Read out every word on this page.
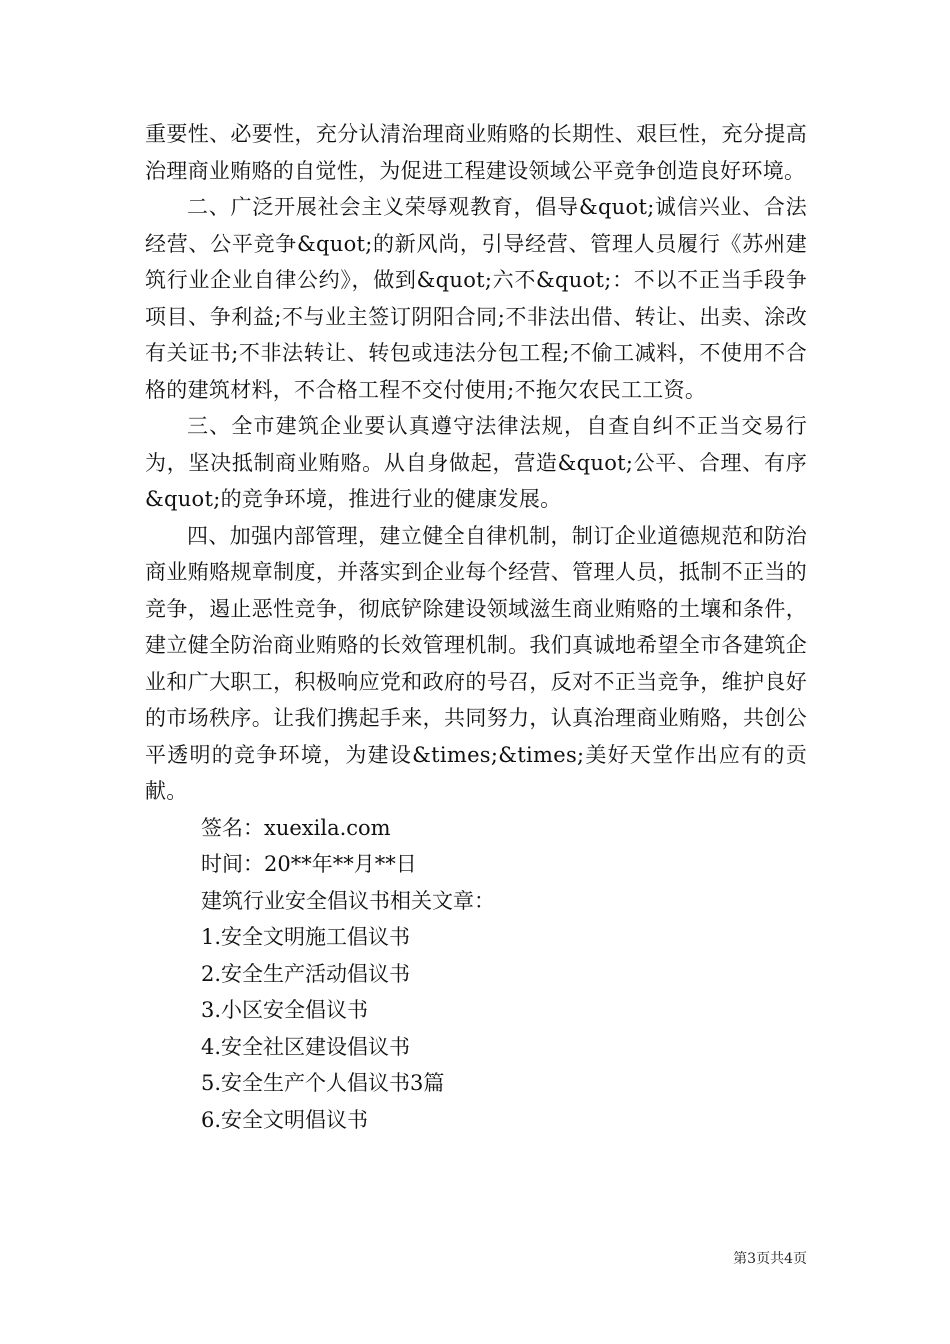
重要性、必要性，充分认清治理商业贿赂的长期性、艰巨性，充分提高治理商业贿赂的自觉性，为促进工程建设领域公平竞争创造良好环境。

二、广泛开展社会主义荣辱观教育，倡导&quot;诚信兴业、合法经营、公平竞争&quot;的新风尚，引导经营、管理人员履行《苏州建筑行业企业自律公约》，做到&quot;六不&quot;：不以不正当手段争项目、争利益;不与业主签订阴阳合同;不非法出借、转让、出卖、涂改有关证书;不非法转让、转包或违法分包工程;不偷工减料，不使用不合格的建筑材料，不合格工程不交付使用;不拖欠农民工工资。

三、全市建筑企业要认真遵守法律法规，自查自纠不正当交易行为，坚决抵制商业贿赂。从自身做起，营造&quot;公平、合理、有序&quot;的竞争环境，推进行业的健康发展。

四、加强内部管理，建立健全自律机制，制订企业道德规范和防治商业贿赂规章制度，并落实到企业每个经营、管理人员，抵制不正当的竞争，遏止恶性竞争，彻底铲除建设领域滋生商业贿赂的土壤和条件，建立健全防治商业贿赂的长效管理机制。我们真诚地希望全市各建筑企业和广大职工，积极响应党和政府的号召，反对不正当竞争，维护良好的市场秩序。让我们携起手来，共同努力，认真治理商业贿赂，共创公平透明的竞争环境，为建设&times;&times;美好天堂作出应有的贡献。

签名：xuexila.com

时间：20**年**月**日

建筑行业安全倡议书相关文章：

1.安全文明施工倡议书

2.安全生产活动倡议书

3.小区安全倡议书

4.安全社区建设倡议书

5.安全生产个人倡议书3篇

6.安全文明倡议书

第3页共4页
